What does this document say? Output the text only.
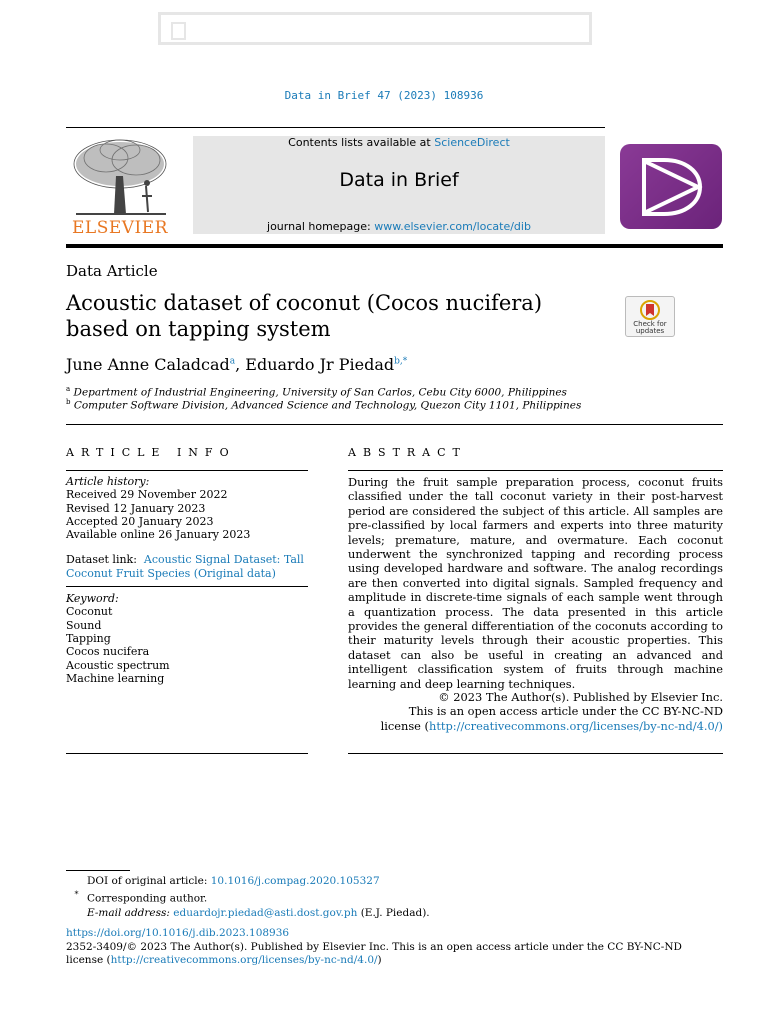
Data in Brief 47 (2023) 108936
Contents lists available at ScienceDirect
Data in Brief
journal homepage: www.elsevier.com/locate/dib
ELSEVIER
Data Article
Acoustic dataset of coconut (Cocos nucifera)
based on tapping system	Check for updates
June Anne Caladcad$^a$, Eduardo Jr Piedad$^{b,*}$
$^a$ Department of Industrial Engineering, University of San Carlos, Cebu City 6000, Philippines
$^b$ Computer Software Division, Advanced Science and Technology, Quezon City 1101, Philippines
ARTICLE INFO
Article history:
Received 29 November 2022
Revised 12 January 2023
Accepted 20 January 2023
Available online 26 January 2023
Dataset link: Acoustic Signal Dataset: Tall
Coconut Fruit Species (Original data)
Keyword:
Coconut
Sound
Tapping
Cocos nucifera
Acoustic spectrum
Machine learning
ABSTRACT
During the fruit sample preparation process, coconut fruits classified under the tall coconut variety in their post-harvest period are considered the subject of this article. All samples are pre-classified by local farmers and experts into three maturity levels; premature, mature, and overmature. Each coconut underwent the synchronized tapping and recording process using developed hardware and software. The analog recordings are then converted into digital signals. Sampled frequency and amplitude in discrete-time signals of each sample went through a quantization process. The data presented in this article provides the general differentiation of the coconuts according to their maturity levels through their acoustic properties. This dataset can also be useful in creating an advanced and intelligent classification system of fruits through machine learning and deep learning techniques.
© 2023 The Author(s). Published by Elsevier Inc.
This is an open access article under the CC BY-NC-ND
license (http://creativecommons.org/licenses/by-nc-nd/4.0/)
DOI of original article: 10.1016/j.compag.2020.105327
* Corresponding author.
E-mail address: eduardojr.piedad@asti.dost.gov.ph (E.J. Piedad).
https://doi.org/10.1016/j.dib.2023.108936
2352-3409/© 2023 The Author(s). Published by Elsevier Inc. This is an open access article under the CC BY-NC-ND
license (http://creativecommons.org/licenses/by-nc-nd/4.0/)
